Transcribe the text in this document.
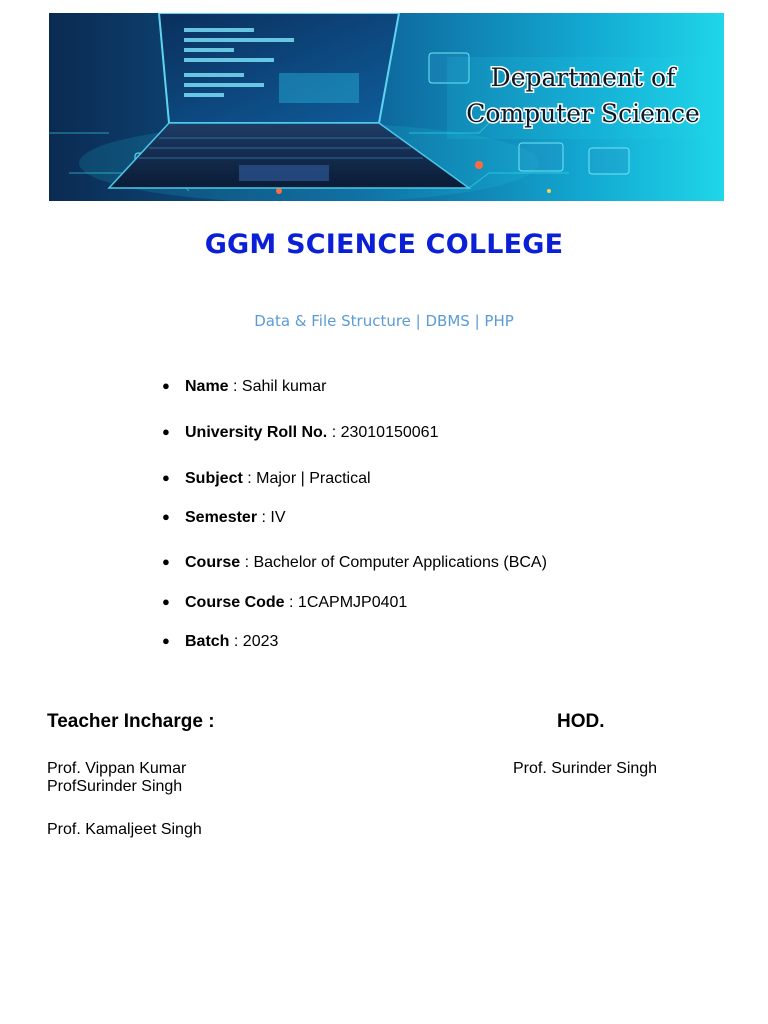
Department of
Computer Science
GGM SCIENCE COLLEGE
Data & File Structure | DBMS | PHP
● Name : Sahil kumar
● University Roll No. : 23010150061
● Subject : Major | Practical
● Semester : IV
● Course : Bachelor of Computer Applications (BCA)
● Course Code : 1CAPMJP0401
● Batch : 2023
Teacher Incharge :	HOD.
Prof. Vippan Kumar
ProfSurinder Singh
Prof. Kamaljeet Singh
Prof. Surinder Singh
